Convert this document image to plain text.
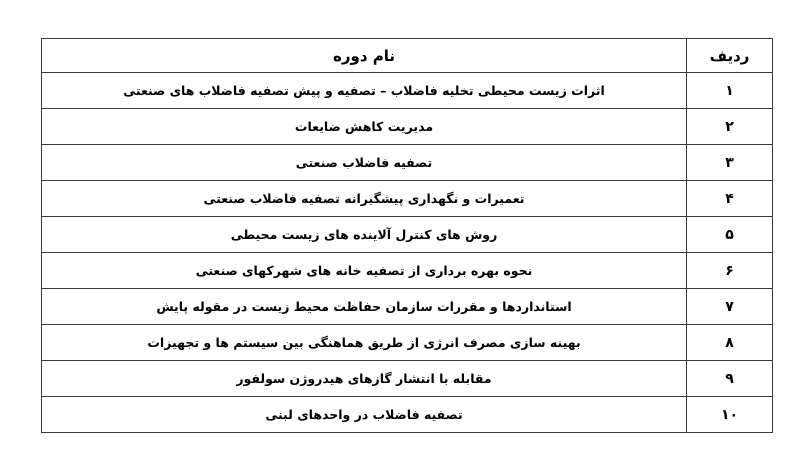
ردیف	نام دوره
۱	اثرات زیست محیطی تخلیه فاضلاب – تصفیه و پیش تصفیه فاضلاب های صنعتی
۲	مدیریت کاهش ضایعات
۳	تصفیه فاضلاب صنعتی
۴	تعمیرات و نگهداری پیشگیرانه تصفیه فاضلاب صنعتی
۵	روش های کنترل آلاینده های زیست محیطی
۶	نحوه بهره برداری از تصفیه خانه های شهرکهای صنعتی
۷	استانداردها و مقررات سازمان حفاظت محیط زیست در مقوله پایش
۸	بهینه سازی مصرف انرژی از طریق هماهنگی بین سیستم ها و تجهیزات
۹	مقابله با انتشار گازهای هیدروژن سولفور
۱۰	تصفیه فاضلاب در واحدهای لبنی
